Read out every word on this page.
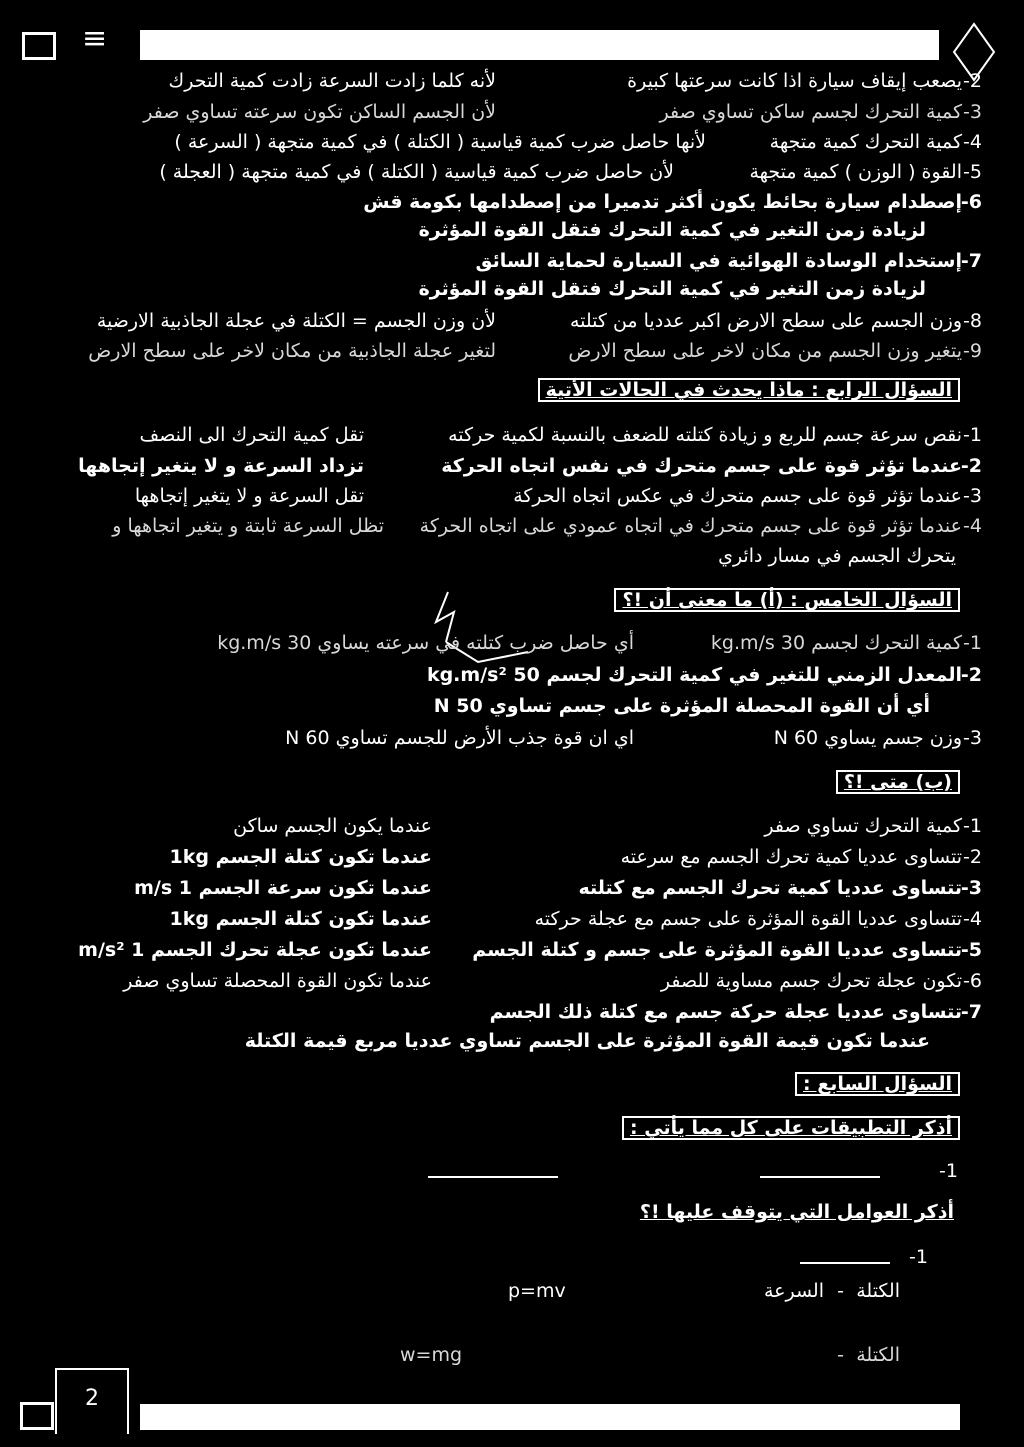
≡
يصعب إيقاف سيارة اذا كانت سرعتها كبيرة -2
لأنه كلما زادت السرعة زادت كمية التحرك
كمية التحرك لجسم ساكن تساوي صفر -3
لأن الجسم الساكن تكون سرعته تساوي صفر
كمية التحرك كمية متجهة -4
لأنها حاصل ضرب كمية قياسية ( الكتلة ) في كمية متجهة ( السرعة )
القوة ( الوزن ) كمية متجهة -5
لأن حاصل ضرب كمية قياسية ( الكتلة ) في كمية متجهة ( العجلة )
إصطدام سيارة بحائط يكون أكثر تدميرا من إصطدامها بكومة قش
-6
لزيادة زمن التغير في كمية التحرك فتقل القوة المؤثرة
إستخدام الوسادة الهوائية في السيارة لحماية السائق
-7
لزيادة زمن التغير في كمية التحرك فتقل القوة المؤثرة
وزن الجسم على سطح الارض اكبر عدديا من كتلته -8
لأن وزن الجسم = الكتلة في عجلة الجاذبية الارضية
يتغير وزن الجسم من مكان لاخر على سطح الارض -9
لتغير عجلة الجاذبية من مكان لاخر على سطح الارض
السؤال الرابع : ماذا يحدث في الحالات الأتية
نقص سرعة جسم للربع و زيادة كتلته للضعف بالنسبة لكمية حركته -1
تقل كمية التحرك الى النصف
عندما تؤثر قوة على جسم متحرك في نفس اتجاه الحركة
-2
تزداد السرعة و لا يتغير إتجاهها
عندما تؤثر قوة على جسم متحرك في عكس اتجاه الحركة -3
تقل السرعة و لا يتغير إتجاهها
عندما تؤثر قوة على جسم متحرك في اتجاه عمودي على اتجاه الحركة -4
تظل السرعة ثابتة و يتغير اتجاهها و
يتحرك الجسم في مسار دائري
السؤال الخامس : (أ) ما معنى أن !؟
كمية التحرك لجسم 30 kg.m/s -1
أي حاصل ضرب كتلته في سرعته يساوي 30 kg.m/s
المعدل الزمني للتغير في كمية التحرك لجسم 50 kg.m/s²
-2
أي أن القوة المحصلة المؤثرة على جسم تساوي 50 N
وزن جسم يساوي 60 N -3
اي ان قوة جذب الأرض للجسم تساوي 60 N
(ب) متى !؟
كمية التحرك تساوي صفر -1
عندما يكون الجسم ساكن
تتساوى عدديا كمية تحرك الجسم مع سرعته -2
عندما تكون كتلة الجسم 1kg
تتساوى عدديا كمية تحرك الجسم مع كتلته
-3
عندما تكون سرعة الجسم 1 m/s
تتساوى عدديا القوة المؤثرة على جسم مع عجلة حركته -4
عندما تكون كتلة الجسم 1kg
تتساوى عدديا القوة المؤثرة على جسم و كتلة الجسم
-5
عندما تكون عجلة تحرك الجسم 1 m/s²
تكون عجلة تحرك جسم مساوية للصفر -6
عندما تكون القوة المحصلة تساوي صفر
تتساوى عدديا عجلة حركة جسم مع كتلة ذلك الجسم
-7
عندما تكون قيمة القوة المؤثرة على الجسم تساوي عدديا مربع قيمة الكتلة
السؤال السابع :
أذكر التطبيقات على كل مما يأتي :
-1
أذكر العوامل التي يتوقف عليها !؟
-1
الكتلة
-
السرعة
p=mv
الكتلة
-
w=mg
2
